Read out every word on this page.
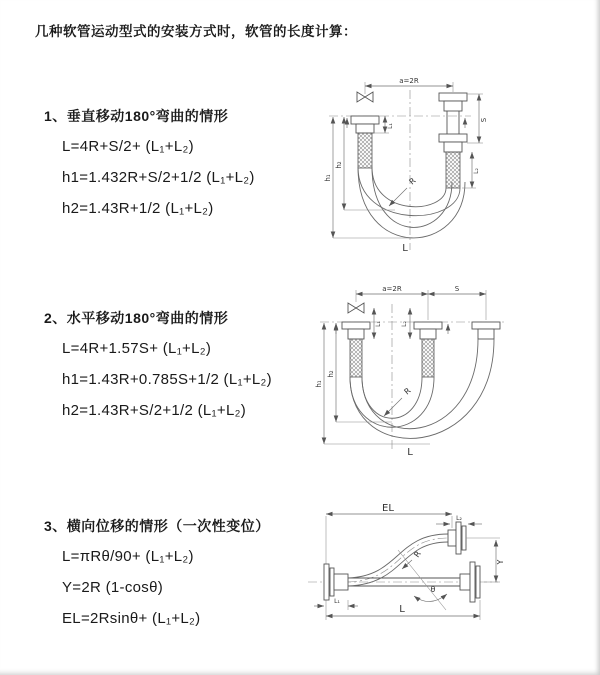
几种软管运动型式的安装方式时，软管的长度计算：
1、垂直移动180°弯曲的情形
L=4R+S/2+ (L₁+L₂)
h1=1.432R+S/2+1/2 (L₁+L₂)
h2=1.43R+1/2 (L₁+L₂)
a=2R
h₁
h₂
L₁
S
L₂
R
L
2、水平移动180°弯曲的情形
L=4R+1.57S+ (L₁+L₂)
h1=1.43R+0.785S+1/2 (L₁+L₂)
h2=1.43R+S/2+1/2 (L₁+L₂)
a=2R	S
h₁
h₂
L₁	L₂
R
L
3、横向位移的情形（一次性变位）
L=πRθ/90+ (L₁+L₂)
Y=2R (1-cosθ)
EL=2Rsinθ+ (L₁+L₂)
EL
L₂
Y
θ
R
L
L₁
